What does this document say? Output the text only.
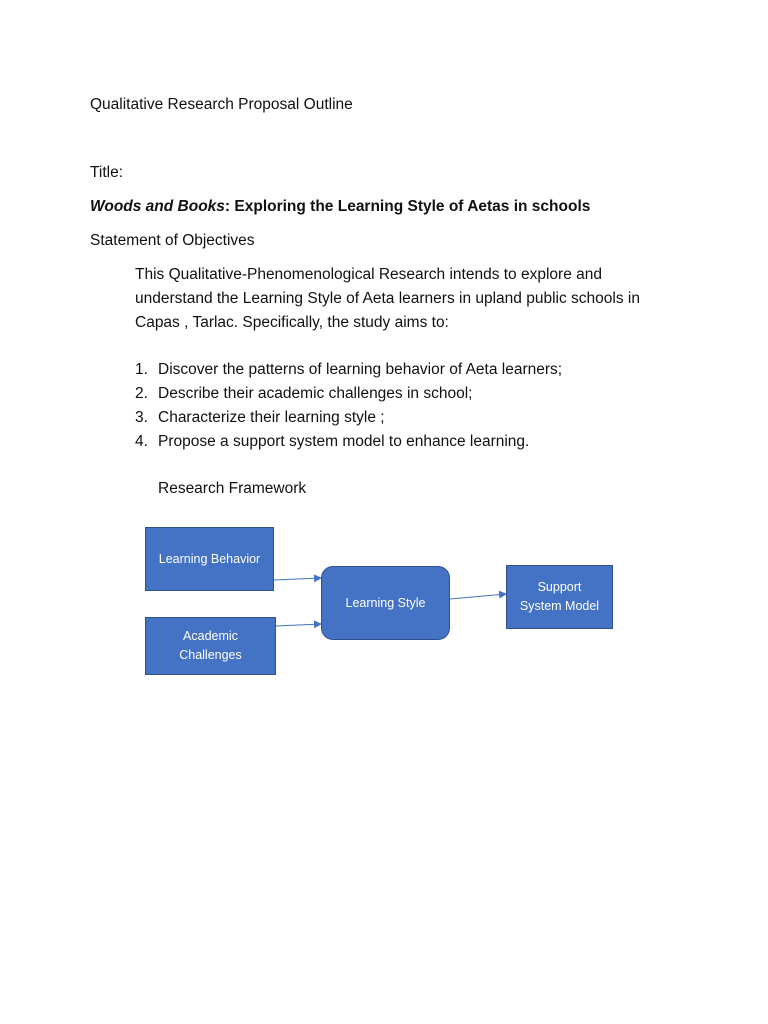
Qualitative Research Proposal Outline
Title:
Woods and Books: Exploring the Learning Style of Aetas in schools
Statement of Objectives
This Qualitative-Phenomenological Research intends to explore and
understand the Learning Style of Aeta learners in upland public schools in
Capas , Tarlac. Specifically, the study aims to:
1. Discover the patterns of learning behavior of Aeta learners;
2. Describe their academic challenges in school;
3. Characterize their learning style ;
4. Propose a support system model to enhance learning.
Research Framework
Learning Behavior
Academic
Challenges
Learning Style
Support
System Model
